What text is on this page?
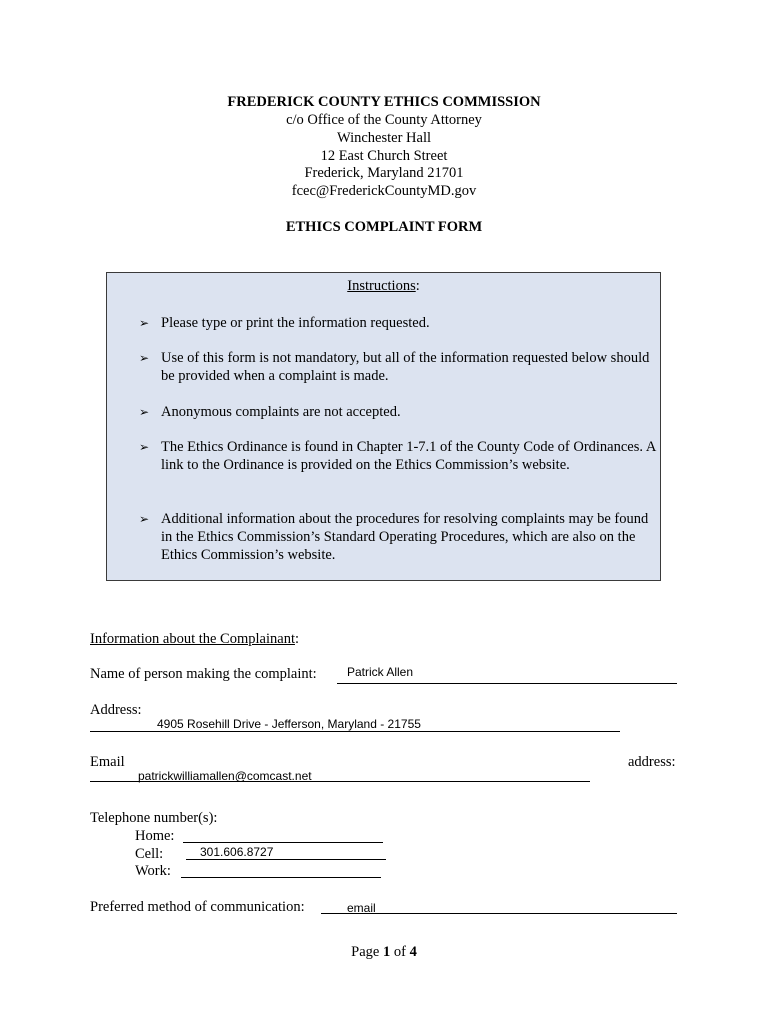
FREDERICK COUNTY ETHICS COMMISSION
c/o Office of the County Attorney
Winchester Hall
12 East Church Street
Frederick, Maryland 21701
fcec@FrederickCountyMD.gov
ETHICS COMPLAINT FORM
Instructions:
➢ Please type or print the information requested.
➢ Use of this form is not mandatory, but all of the information requested below should be provided when a complaint is made.
➢ Anonymous complaints are not accepted.
➢ The Ethics Ordinance is found in Chapter 1-7.1 of the County Code of Ordinances. A link to the Ordinance is provided on the Ethics Commission’s website.
➢ Additional information about the procedures for resolving complaints may be found in the Ethics Commission’s Standard Operating Procedures, which are also on the Ethics Commission’s website.
Information about the Complainant:
Name of person making the complaint:	Patrick Allen
Address:
4905 Rosehill Drive - Jefferson, Maryland - 21755
Email	address:
patrickwilliamallen@comcast.net
Telephone number(s):
Home:
Cell:	301.606.8727
Work:
Preferred method of communication:	email
Page 1 of 4
